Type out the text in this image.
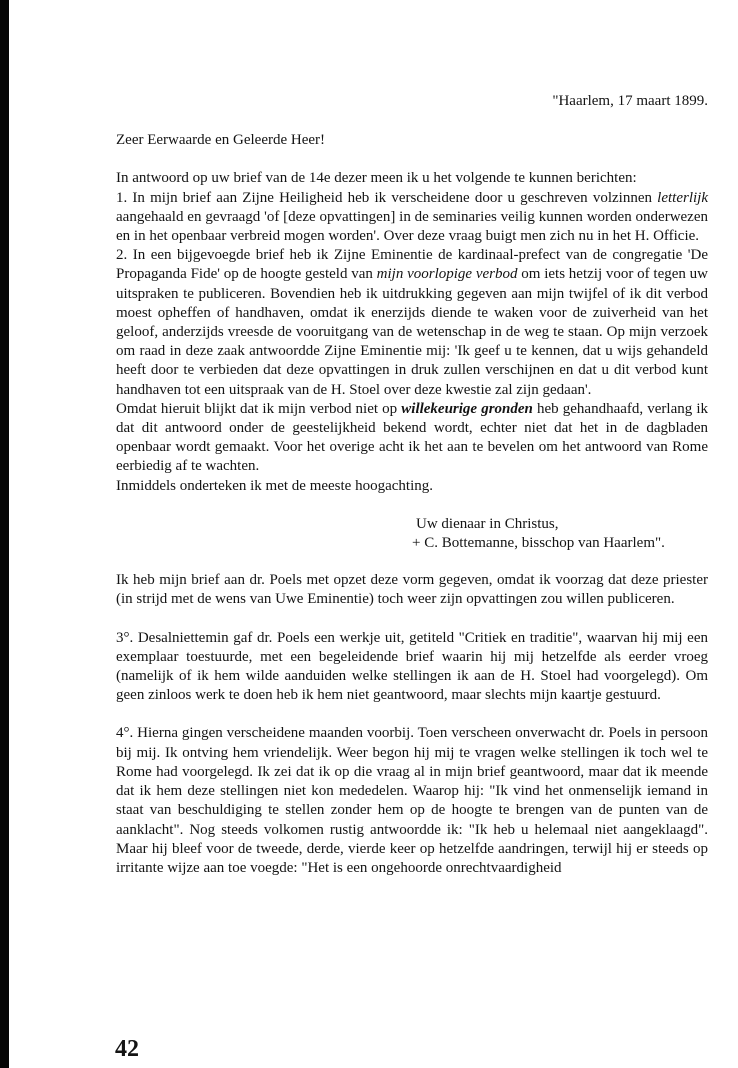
"Haarlem, 17 maart 1899.

Zeer Eerwaarde en Geleerde Heer!

In antwoord op uw brief van de 14e dezer meen ik u het volgende te kunnen berichten:

1. In mijn brief aan Zijne Heiligheid heb ik verscheidene door u geschreven volzinnen letterlijk aangehaald en gevraagd 'of [deze opvattingen] in de seminaries veilig kunnen worden onderwezen en in het openbaar verbreid mogen worden'. Over deze vraag buigt men zich nu in het H. Officie.

2. In een bijgevoegde brief heb ik Zijne Eminentie de kardinaal-prefect van de congregatie 'De Propaganda Fide' op de hoogte gesteld van mijn voorlopige verbod om iets hetzij voor of tegen uw uitspraken te publiceren. Bovendien heb ik uitdrukking gegeven aan mijn twijfel of ik dit verbod moest opheffen of handhaven, omdat ik enerzijds diende te waken voor de zuiverheid van het geloof, anderzijds vreesde de vooruitgang van de wetenschap in de weg te staan. Op mijn verzoek om raad in deze zaak antwoordde Zijne Eminentie mij: 'Ik geef u te kennen, dat u wijs gehandeld heeft door te verbieden dat deze opvattingen in druk zullen verschijnen en dat u dit verbod kunt handhaven tot een uitspraak van de H. Stoel over deze kwestie zal zijn gedaan'.

Omdat hieruit blijkt dat ik mijn verbod niet op willekeurige gronden heb gehandhaafd, verlang ik dat dit antwoord onder de geestelijkheid bekend wordt, echter niet dat het in de dagbladen openbaar wordt gemaakt. Voor het overige acht ik het aan te bevelen om het antwoord van Rome eerbiedig af te wachten.

Inmiddels onderteken ik met de meeste hoogachting.

Uw dienaar in Christus,

+ C. Bottemanne, bisschop van Haarlem".

Ik heb mijn brief aan dr. Poels met opzet deze vorm gegeven, omdat ik voorzag dat deze priester (in strijd met de wens van Uwe Eminentie) toch weer zijn opvattingen zou willen publiceren.

3°. Desalniettemin gaf dr. Poels een werkje uit, getiteld "Critiek en traditie", waarvan hij mij een exemplaar toestuurde, met een begeleidende brief waarin hij mij hetzelfde als eerder vroeg (namelijk of ik hem wilde aanduiden welke stellingen ik aan de H. Stoel had voorgelegd). Om geen zinloos werk te doen heb ik hem niet geantwoord, maar slechts mijn kaartje gestuurd.

4°. Hierna gingen verscheidene maanden voorbij. Toen verscheen onverwacht dr. Poels in persoon bij mij. Ik ontving hem vriendelijk. Weer begon hij mij te vragen welke stellingen ik toch wel te Rome had voorgelegd. Ik zei dat ik op die vraag al in mijn brief geantwoord, maar dat ik meende dat ik hem deze stellingen niet kon mededelen. Waarop hij: "Ik vind het onmenselijk iemand in staat van beschuldiging te stellen zonder hem op de hoogte te brengen van de punten van de aanklacht". Nog steeds volkomen rustig antwoordde ik: "Ik heb u helemaal niet aangeklaagd". Maar hij bleef voor de tweede, derde, vierde keer op hetzelfde aandringen, terwijl hij er steeds op irritante wijze aan toe voegde: "Het is een ongehoorde onrechtvaardigheid

42
